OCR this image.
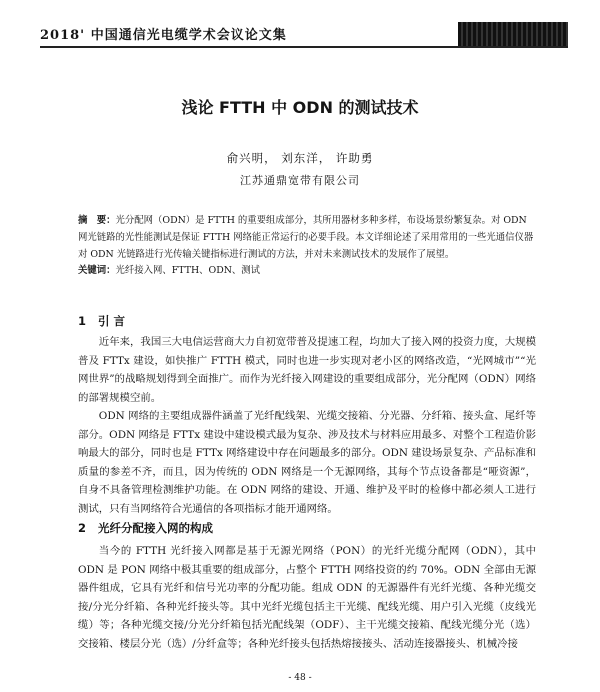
2018' 中国通信光电缆学术会议论文集
浅论 FTTH 中 ODN 的测试技术
俞兴明， 刘东洋， 许助勇
江苏通鼎宽带有限公司
摘　要：光分配网（ODN）是 FTTH 的重要组成部分，其所用器材多种多样，布设场景纷繁复杂。对 ODN 网光链路的光性能测试是保证 FTTH 网络能正常运行的必要手段。本文详细论述了采用常用的一些光通信仪器对 ODN 光链路进行光传输关键指标进行测试的方法，并对未来测试技术的发展作了展望。
关键词：光纤接入网、FTTH、ODN、测试
1 引 言

近年来，我国三大电信运营商大力自初宽带普及提速工程，均加大了接入网的投资力度，大规模普及 FTTx 建设，如快推广 FTTH 模式，同时也进一步实现对老小区的网络改造，“光网城市”“光网世界”的战略规划得到全面推广。而作为光纤接入网建设的重要组成部分，光分配网（ODN）网络的部署规模空前。

ODN 网络的主要组成器件涵盖了光纤配线架、光缆交接箱、分光器、分纤箱、接头盒、尾纤等部分。ODN 网络是 FTTx 建设中建设模式最为复杂、涉及技术与材料应用最多、对整个工程造价影响最大的部分，同时也是 FTTx 网络建设中存在问题最多的部分。ODN 建设场景复杂、产品标准和质量的参差不齐，而且，因为传统的 ODN 网络是一个无源网络，其每个节点设备都是“哑资源”，自身不具备管理检测维护功能。在 ODN 网络的建设、开通、维护及平时的检修中都必须人工进行测试，只有当网络符合光通信的各项指标才能开通网络。

2 光纤分配接入网的构成

当今的 FTTH 光纤接入网都是基于无源光网络（PON）的光纤光缆分配网（ODN），其中 ODN 是 PON 网络中极其重要的组成部分，占整个 FTTH 网络投资的约 70%。ODN 全部由无源器件组成，它具有光纤和信号光功率的分配功能。组成 ODN 的无源器件有光纤光缆、各种光缆交接/分光分纤箱、各种光纤接头等。其中光纤光缆包括主干光缆、配线光缆、用户引入光缆（皮线光缆）等；各种光缆交接/分光分纤箱包括光配线架（ODF）、主干光缆交接箱、配线光缆分光（选）交接箱、楼层分光（选）/分纤盒等；各种光纤接头包括热熔接接头、活动连接器接头、机械冷接

- 48 -
